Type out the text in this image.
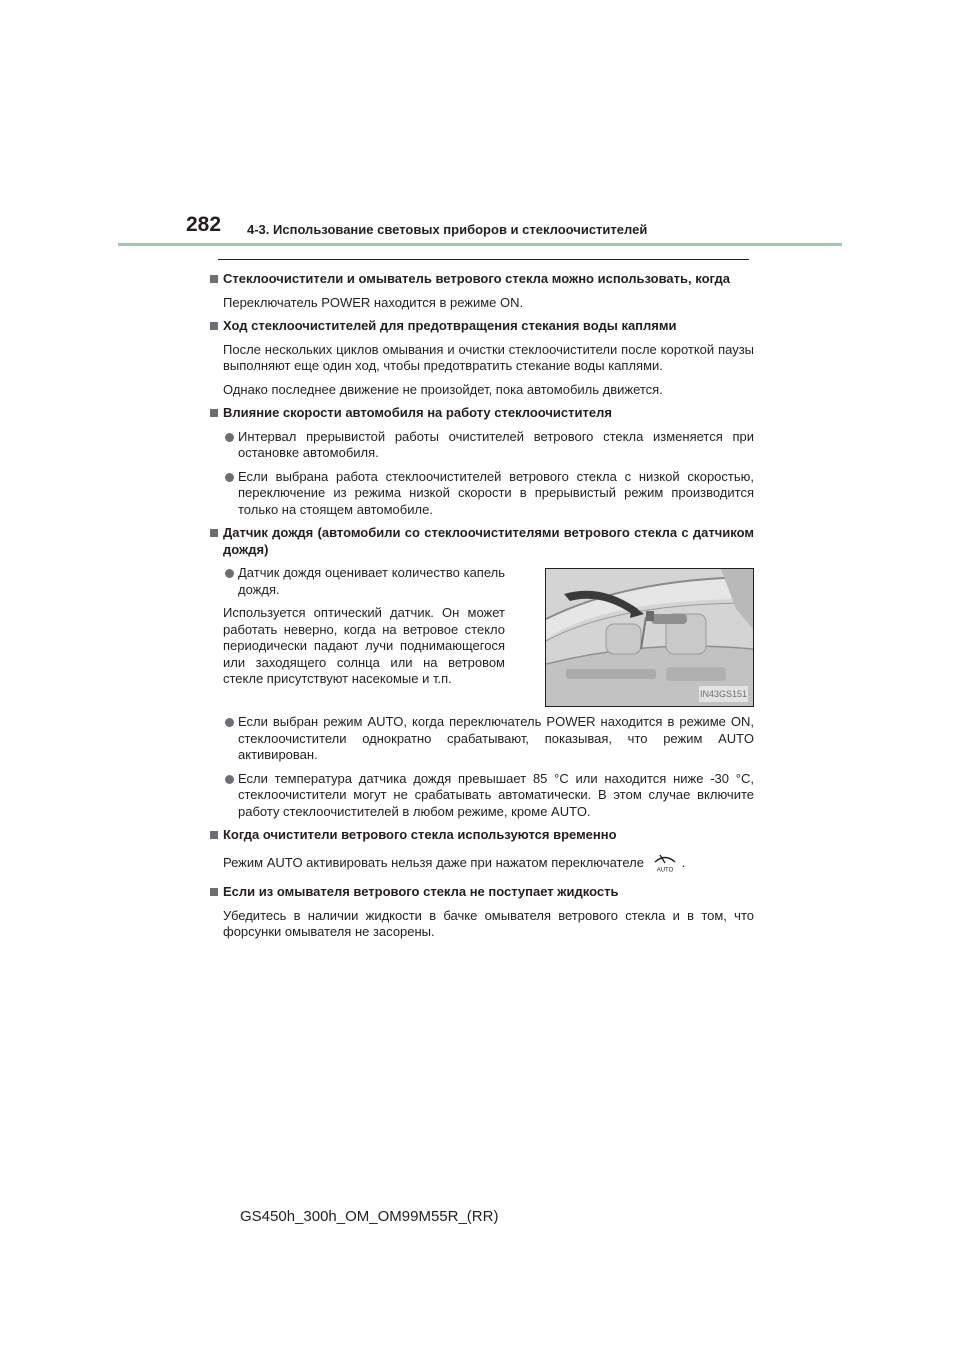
282 4-3. Использование световых приборов и стеклоочистителей
Стеклоочистители и омыватель ветрового стекла можно использовать, когда
Переключатель POWER находится в режиме ON.
Ход стеклоочистителей для предотвращения стекания воды каплями
После нескольких циклов омывания и очистки стеклоочистители после короткой паузы выполняют еще один ход, чтобы предотвратить стекание воды каплями.
Однако последнее движение не произойдет, пока автомобиль движется.
Влияние скорости автомобиля на работу стеклоочистителя
Интервал прерывистой работы очистителей ветрового стекла изменяется при остановке автомобиля.
Если выбрана работа стеклоочистителей ветрового стекла с низкой скоростью, переключение из режима низкой скорости в прерывистый режим производится только на стоящем автомобиле.
Датчик дождя (автомобили со стеклоочистителями ветрового стекла с датчиком дождя)
Датчик дождя оценивает количество капель дождя.
Используется оптический датчик. Он может работать неверно, когда на ветровое стекло периодически падают лучи поднимающегося или заходящего солнца или на ветровом стекле присутствуют насекомые и т.п.
IN43GS151
Если выбран режим AUTO, когда переключатель POWER находится в режиме ON, стеклоочистители однократно срабатывают, показывая, что режим AUTO активирован.
Если температура датчика дождя превышает 85 °C или находится ниже -30 °C, стеклоочистители могут не срабатывать автоматически. В этом случае включите работу стеклоочистителей в любом режиме, кроме AUTO.
Когда очистители ветрового стекла используются временно
Режим AUTO активировать нельзя даже при нажатом переключателе
AUTO
.
Если из омывателя ветрового стекла не поступает жидкость
Убедитесь в наличии жидкости в бачке омывателя ветрового стекла и в том, что форсунки омывателя не засорены.
GS450h_300h_OM_OM99M55R_(RR)
